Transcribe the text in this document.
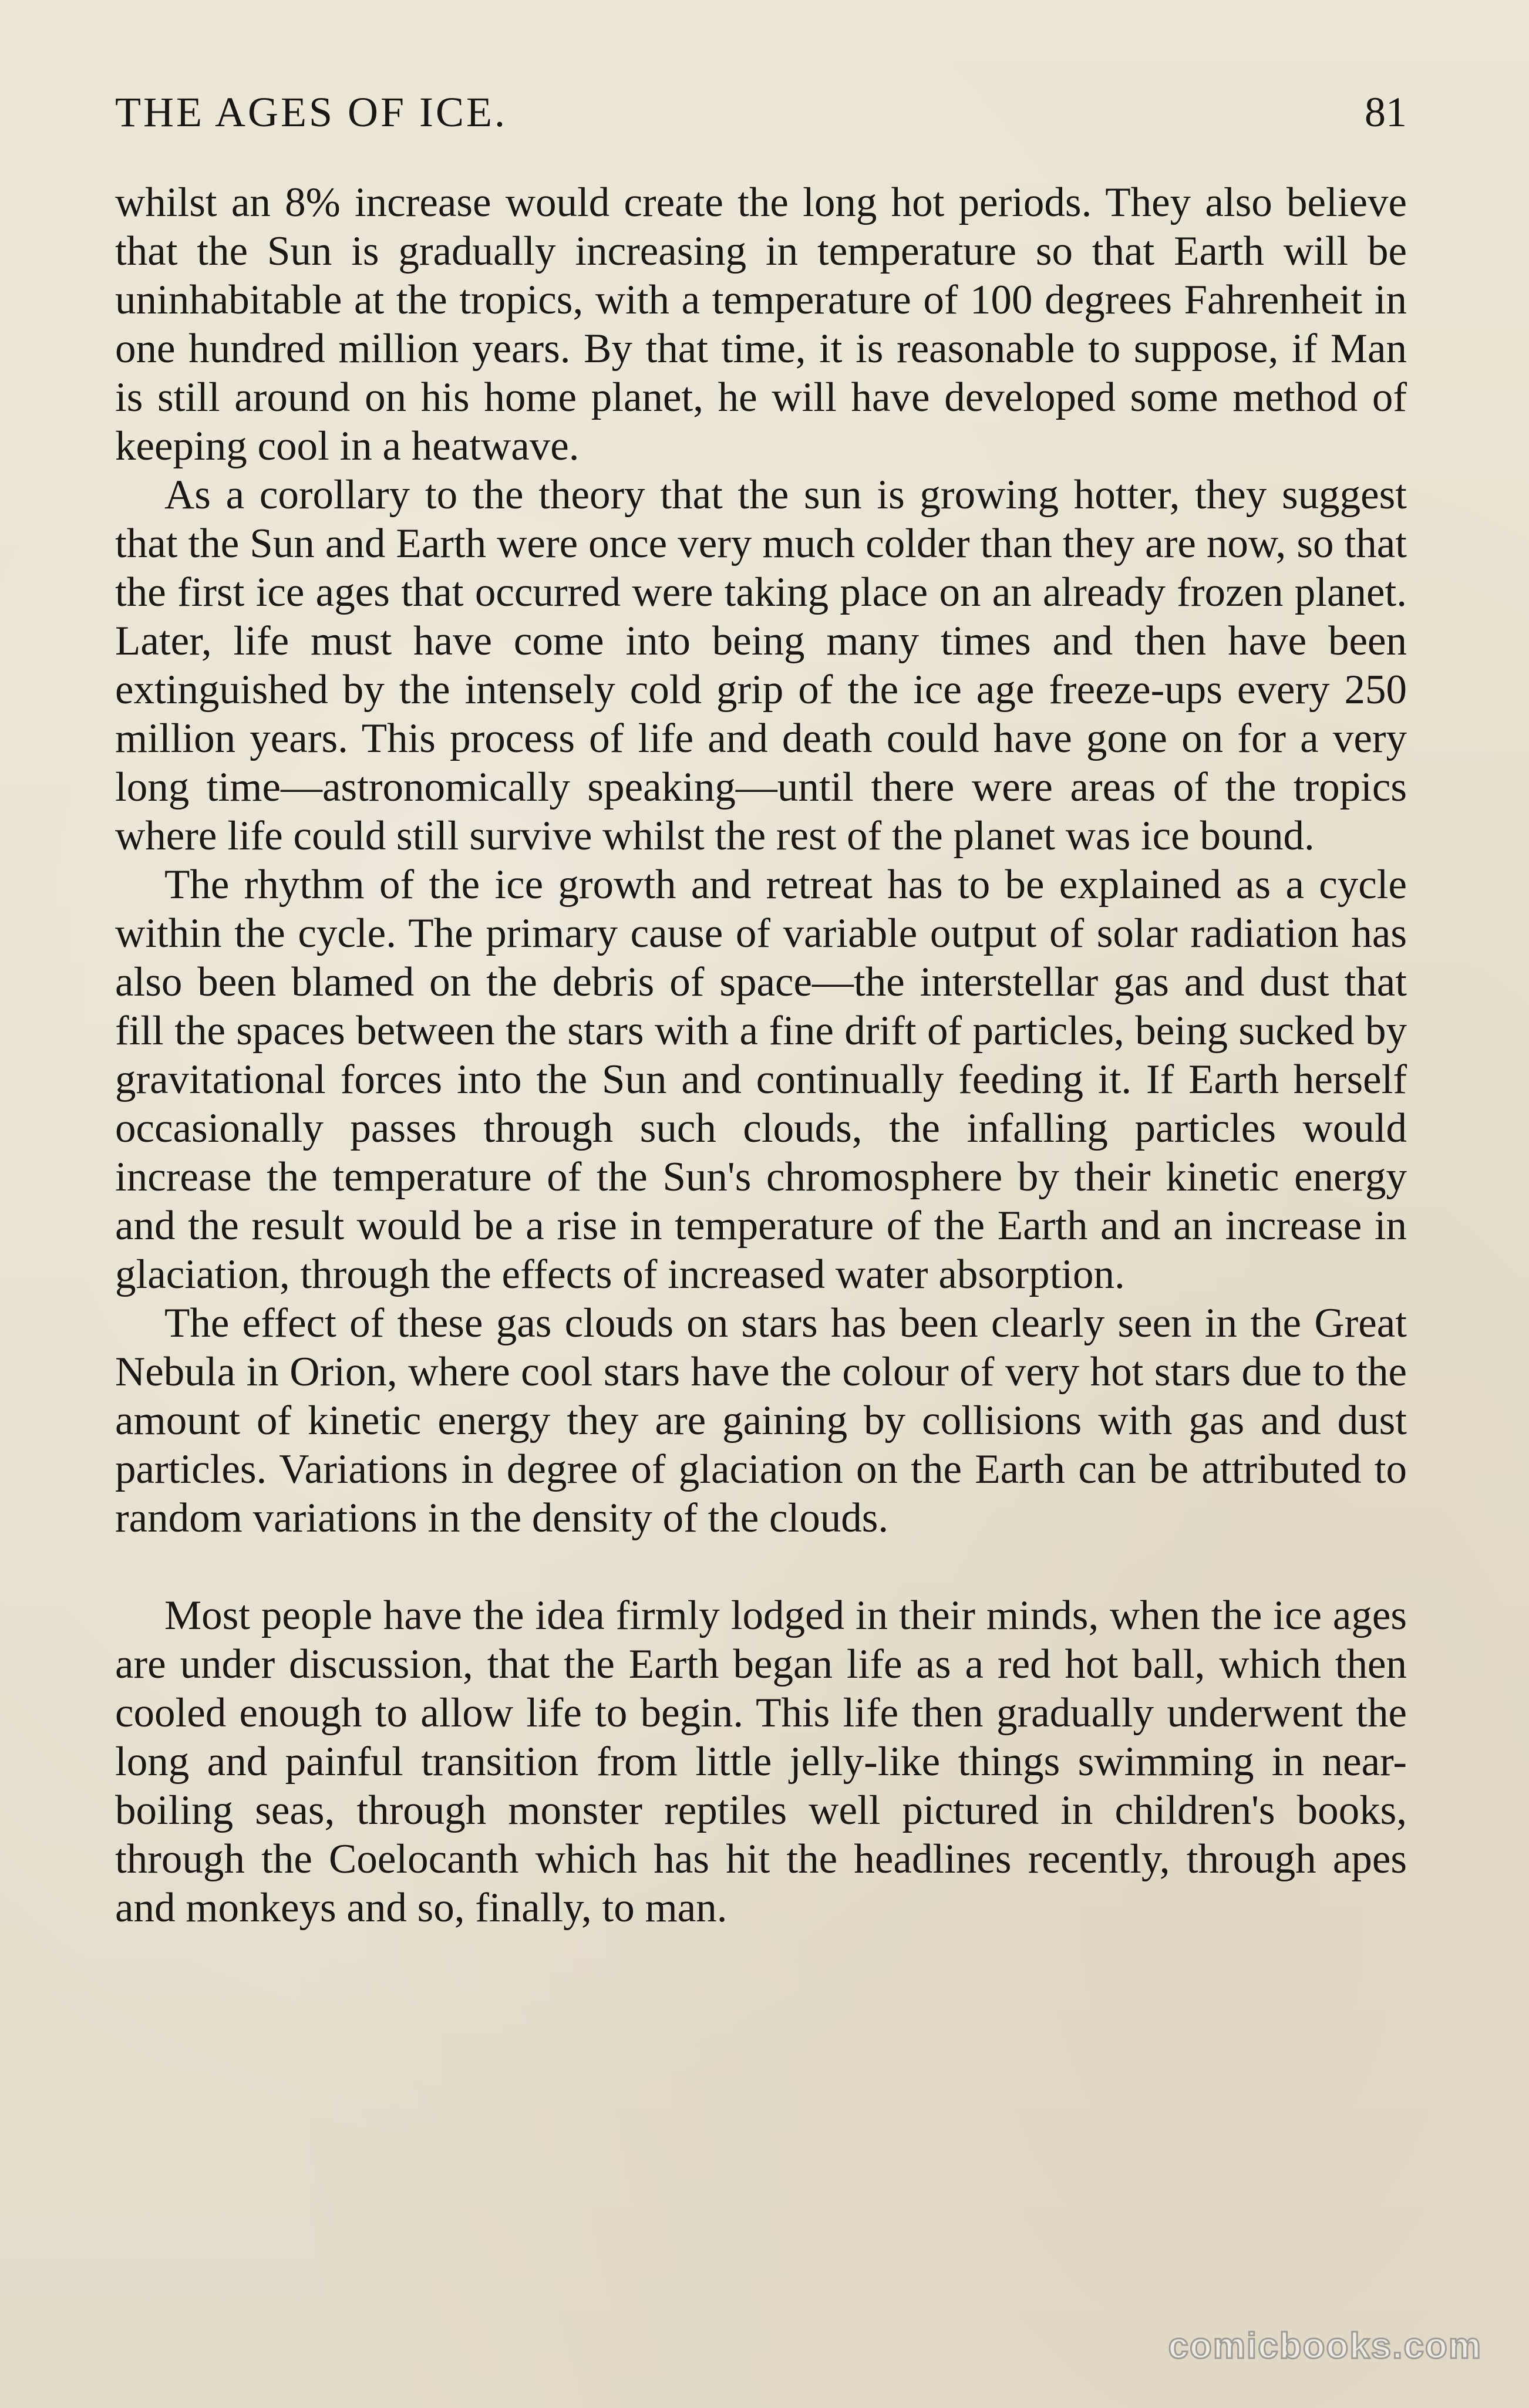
THE AGES OF ICE.	81

whilst an 8% increase would create the long hot periods. They also believe that the Sun is gradually increasing in temperature so that Earth will be uninhabitable at the tropics, with a temperature of 100 degrees Fahrenheit in one hundred million years. By that time, it is reasonable to suppose, if Man is still around on his home planet, he will have developed some method of keeping cool in a heatwave.

As a corollary to the theory that the sun is growing hotter, they suggest that the Sun and Earth were once very much colder than they are now, so that the first ice ages that occurred were taking place on an already frozen planet. Later, life must have come into being many times and then have been extinguished by the intensely cold grip of the ice age freeze-ups every 250 million years. This process of life and death could have gone on for a very long time—astronomically speaking—until there were areas of the tropics where life could still survive whilst the rest of the planet was ice bound.

The rhythm of the ice growth and retreat has to be explained as a cycle within the cycle. The primary cause of variable output of solar radiation has also been blamed on the debris of space—the interstellar gas and dust that fill the spaces between the stars with a fine drift of particles, being sucked by gravitational forces into the Sun and continually feeding it. If Earth herself occasionally passes through such clouds, the infalling particles would increase the temperature of the Sun's chromosphere by their kinetic energy and the result would be a rise in temperature of the Earth and an increase in glaciation, through the effects of increased water absorption.

The effect of these gas clouds on stars has been clearly seen in the Great Nebula in Orion, where cool stars have the colour of very hot stars due to the amount of kinetic energy they are gaining by collisions with gas and dust particles. Variations in degree of glaciation on the Earth can be attributed to random variations in the density of the clouds.

Most people have the idea firmly lodged in their minds, when the ice ages are under discussion, that the Earth began life as a red hot ball, which then cooled enough to allow life to begin. This life then gradually underwent the long and painful transition from little jelly-like things swimming in near-boiling seas, through monster reptiles well pictured in children's books, through the Coelocanth which has hit the headlines recently, through apes and monkeys and so, finally, to man.

comicbooks.com
